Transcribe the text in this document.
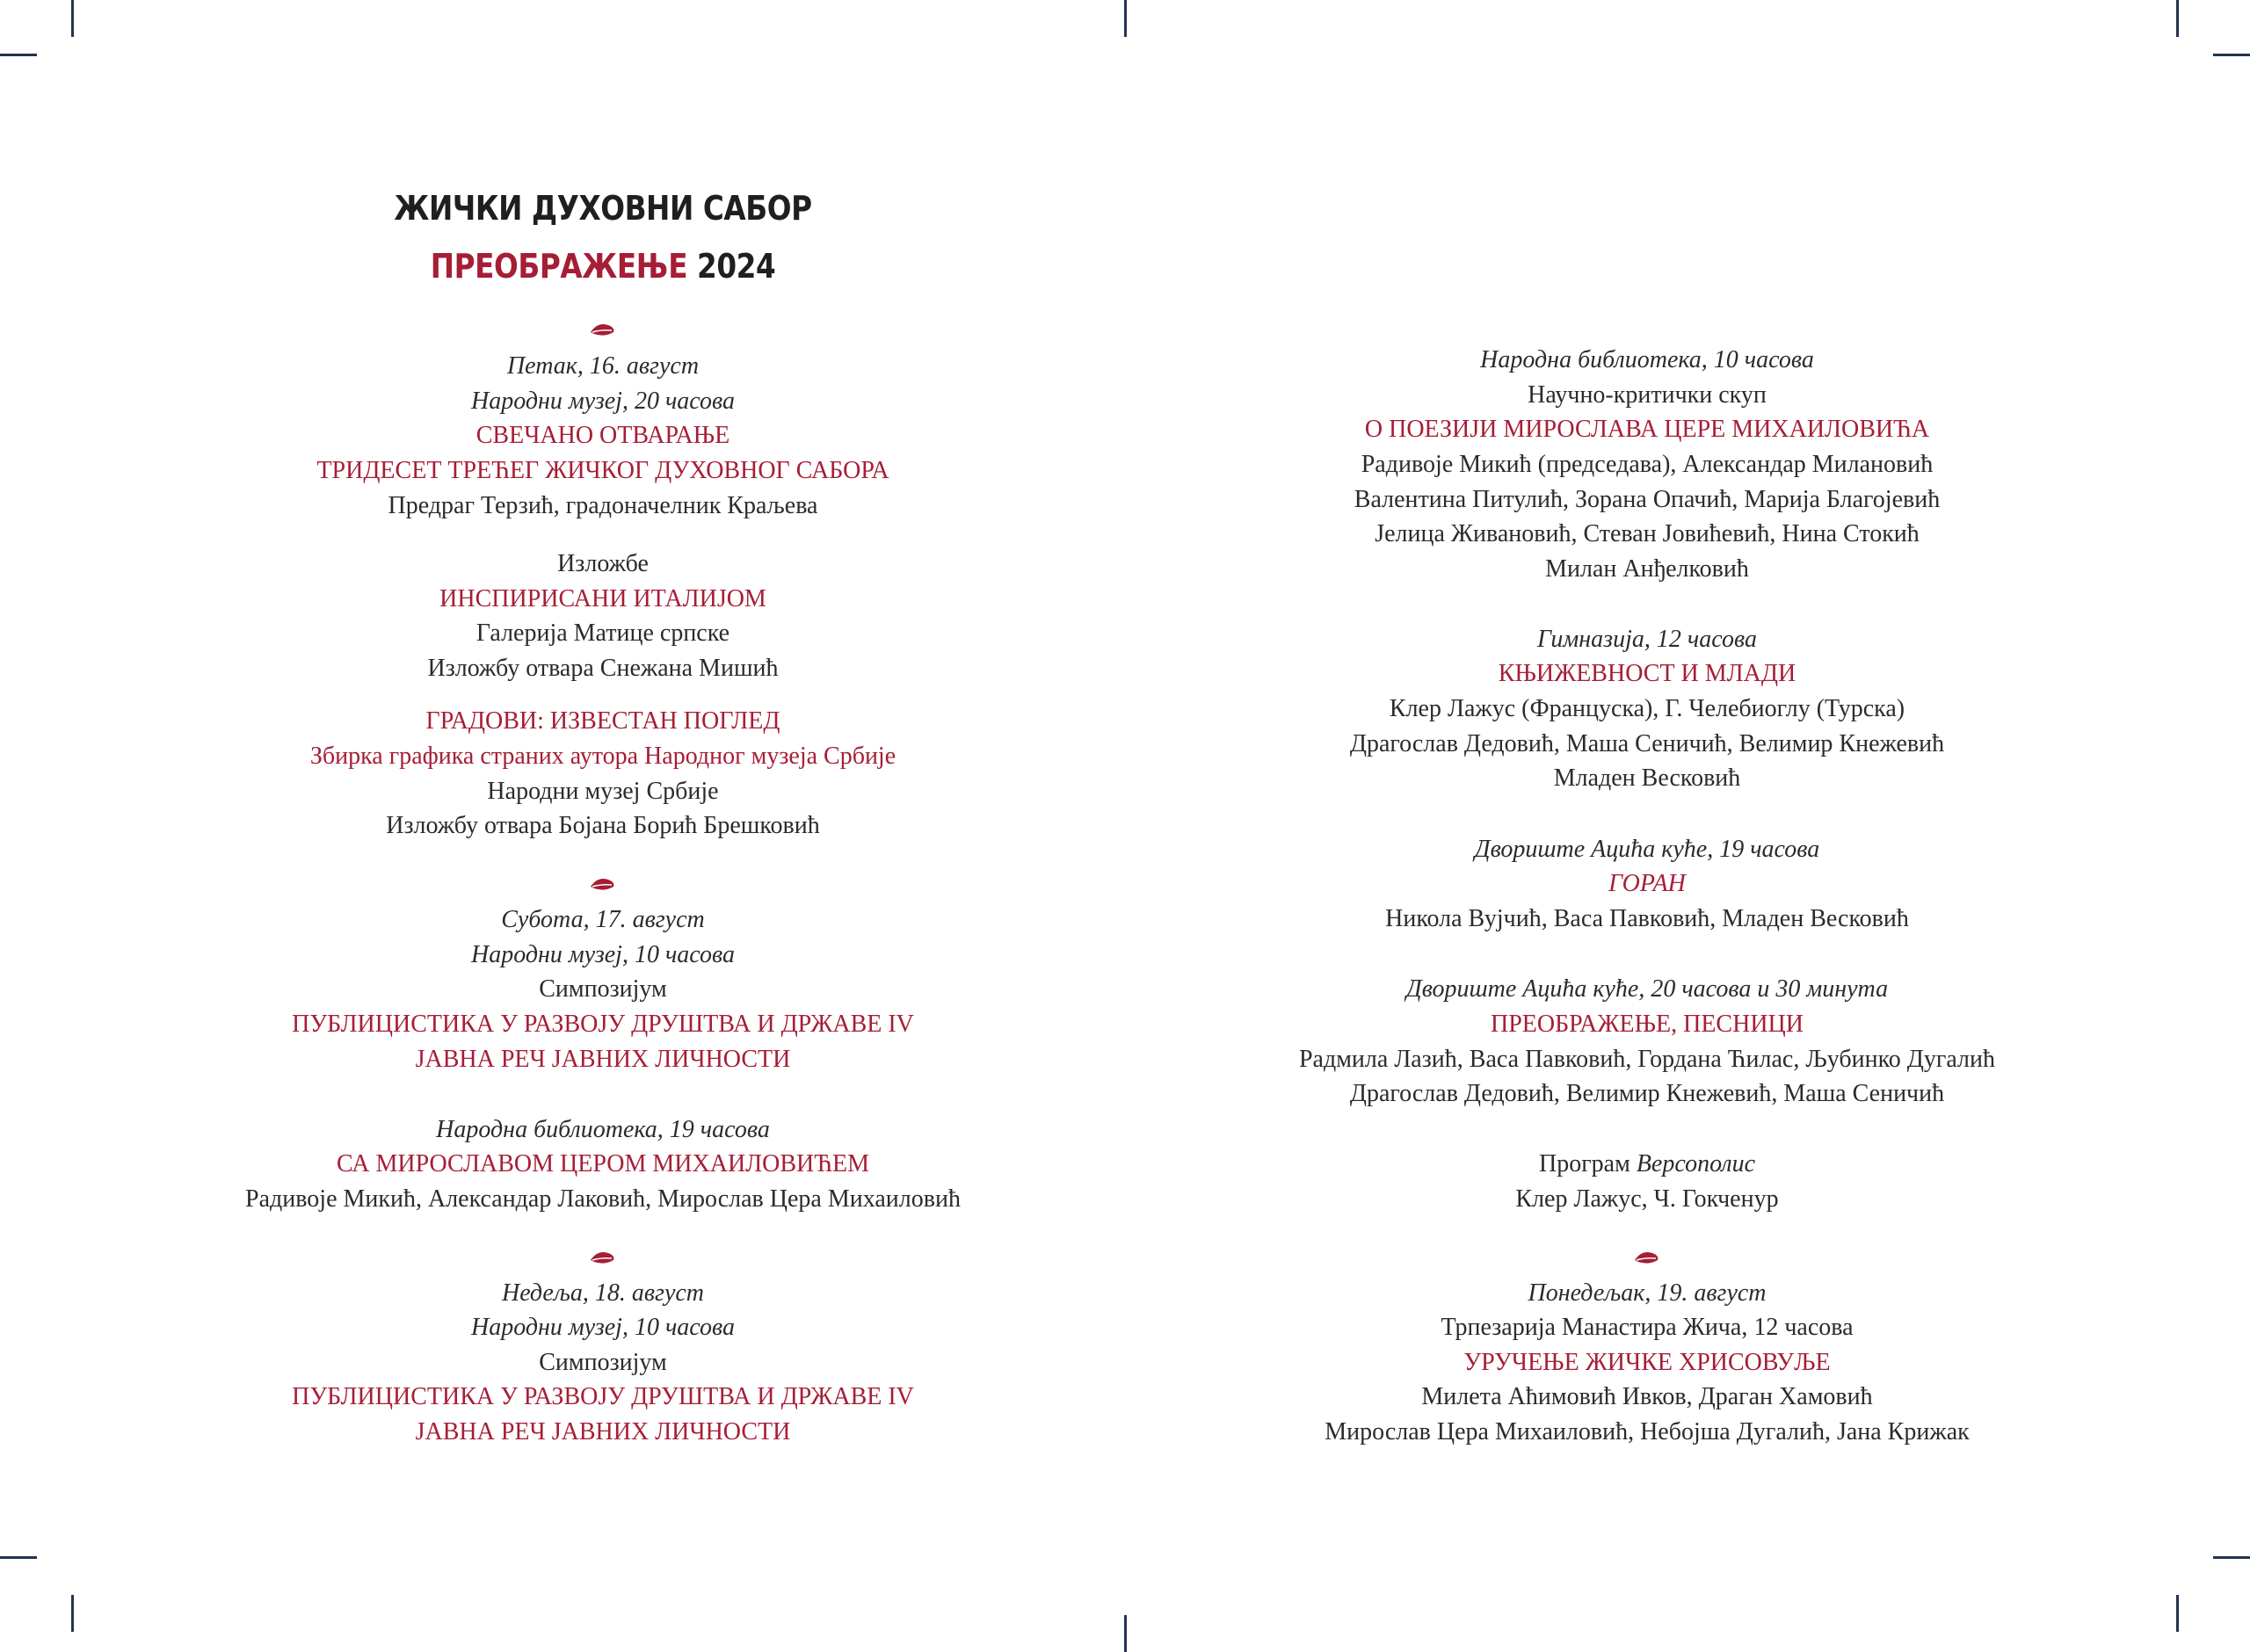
ЖИЧКИ ДУХОВНИ САБОР
ПРЕОБРАЖЕЊЕ 2024
Петак, 16. август
Народни музеј, 20 часова
СВЕЧАНО ОТВАРАЊЕ
ТРИДЕСЕТ ТРЕЋЕГ ЖИЧКОГ ДУХОВНОГ САБОРА
Предраг Терзић, градоначелник Краљева
Изложбе
ИНСПИРИСАНИ ИТАЛИЈОМ
Галерија Матице српске
Изложбу отвара Снежана Мишић
ГРАДОВИ: ИЗВЕСТАН ПОГЛЕД
Збирка графика страних аутора Народног музеја Србије
Народни музеј Србије
Изложбу отвара Бојана Борић Брешковић
Субота, 17. август
Народни музеј, 10 часова
Симпозијум
ПУБЛИЦИСТИКА У РАЗВОЈУ ДРУШТВА И ДРЖАВЕ IV
ЈАВНА РЕЧ ЈАВНИХ ЛИЧНОСТИ
Народна библиотека, 19 часова
СА МИРОСЛАВОМ ЦЕРОМ МИХАИЛОВИЋЕМ
Радивоје Микић, Александар Лаковић, Мирослав Цера Михаиловић
Недеља, 18. август
Народни музеј, 10 часова
Симпозијум
ПУБЛИЦИСТИКА У РАЗВОЈУ ДРУШТВА И ДРЖАВЕ IV
ЈАВНА РЕЧ ЈАВНИХ ЛИЧНОСТИ
Народна библиотека, 10 часова
Научно-критички скуп
О ПОЕЗИЈИ МИРОСЛАВА ЦЕРЕ МИХАИЛОВИЋА
Радивоје Микић (председава), Александар Милановић
Валентина Питулић, Зорана Опачић, Марија Благојевић
Јелица Живановић, Стеван Јовићевић, Нина Стокић
Милан Анђелковић
Гимназија, 12 часова
КЊИЖЕВНОСТ И МЛАДИ
Клер Лажус (Француска), Г. Челебиоглу (Турска)
Драгослав Дедовић, Маша Сеничић, Велимир Кнежевић
Младен Весковић
Двориште Ацића куће, 19 часова
ГОРАН
Никола Вујчић, Васа Павковић, Младен Весковић
Двориште Ацића куће, 20 часова и 30 минута
ПРЕОБРАЖЕЊЕ, ПЕСНИЦИ
Радмила Лазић, Васа Павковић, Гордана Ћилас, Љубинко Дугалић
Драгослав Дедовић, Велимир Кнежевић, Маша Сеничић
Програм Версополис
Клер Лажус, Ч. Гокченур
Понедељак, 19. август
Трпезарија Манастира Жича, 12 часова
УРУЧЕЊЕ ЖИЧКЕ ХРИСОВУЉЕ
Милета Аћимовић Ивков, Драган Хамовић
Мирослав Цера Михаиловић, Небојша Дугалић, Јана Крижак
